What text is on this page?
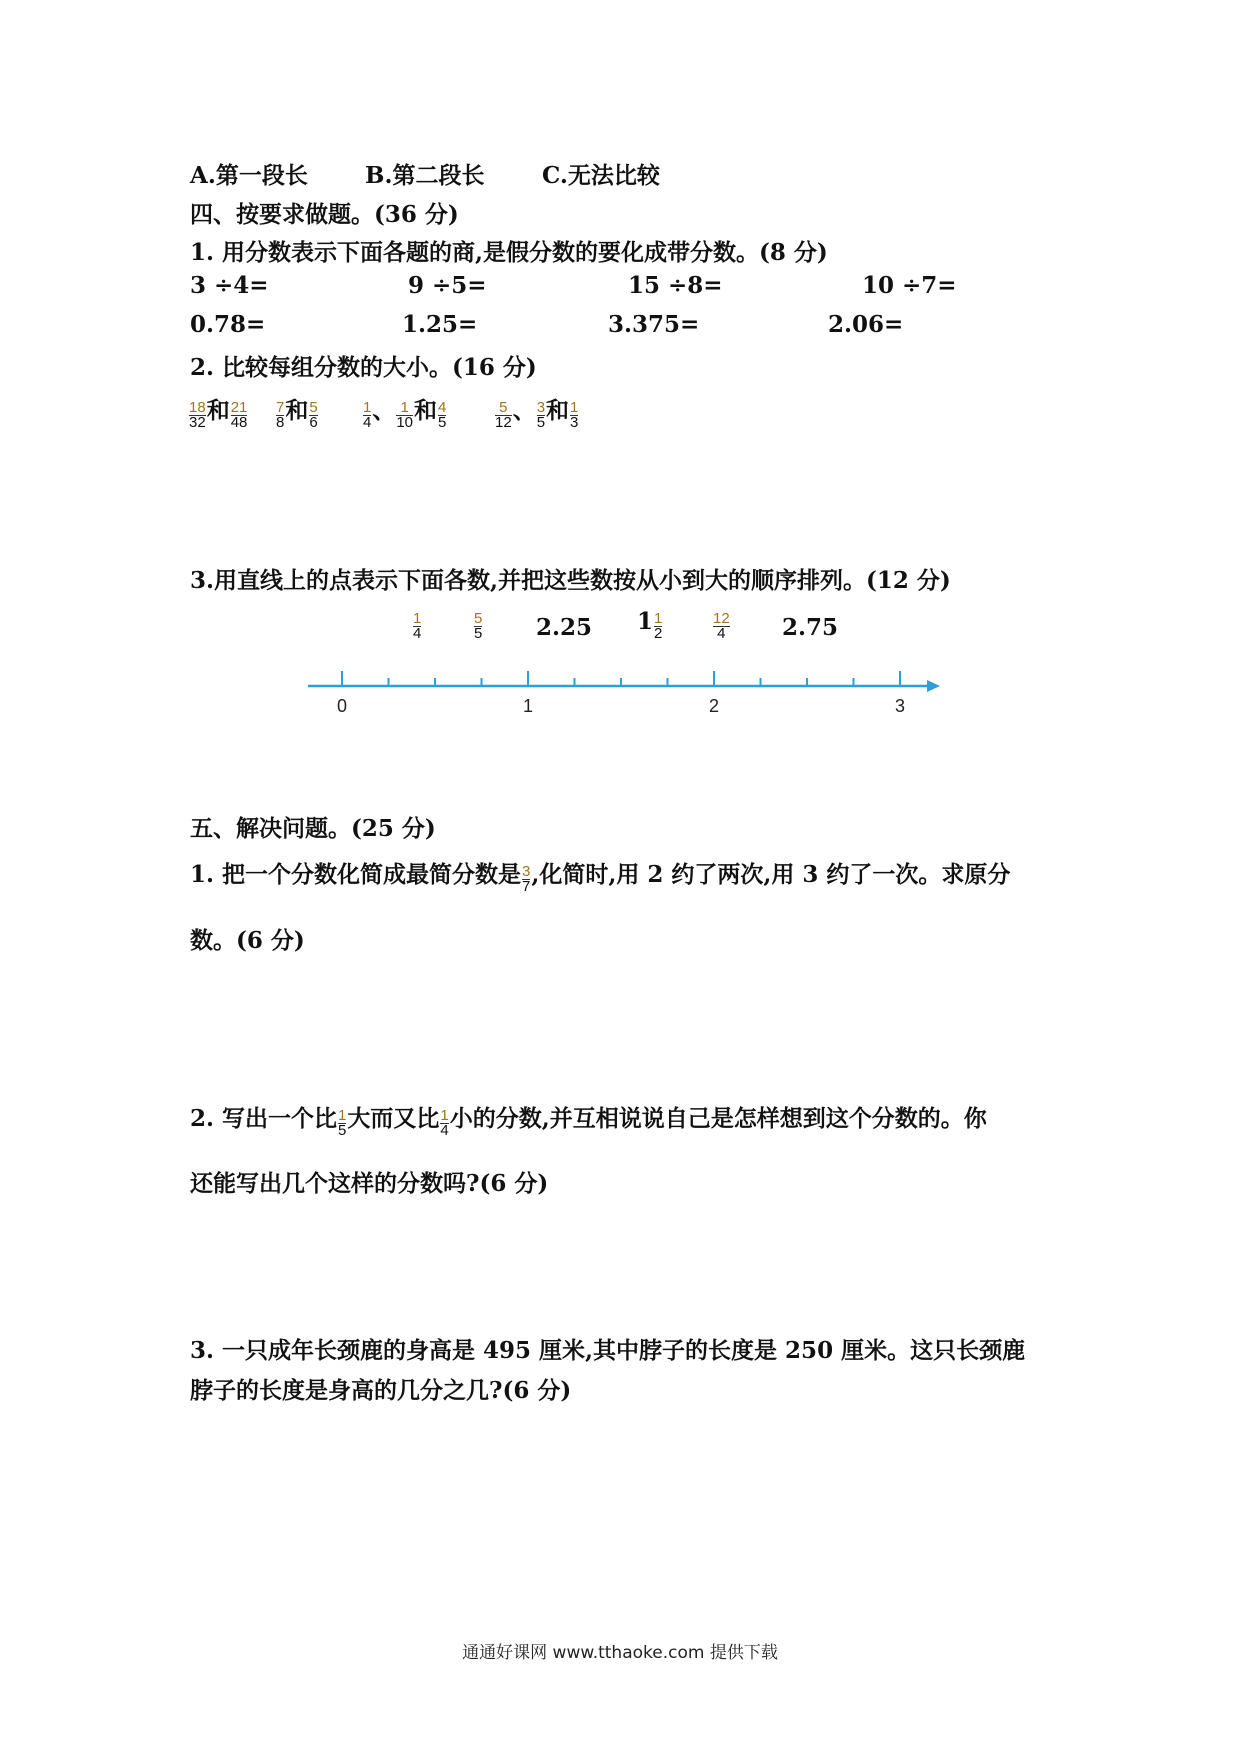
A.第一段长 B.第二段长	C.无法比较
四、按要求做题。(36 分)
1. 用分数表示下面各题的商,是假分数的要化成带分数。(8 分)
3 ÷4=	9 ÷5=	15 ÷8=	10 ÷7=
0.78=	1.25=	3.375=	2.06=
2. 比较每组分数的大小。(16 分)
$\frac{18}{32}$ 和 $\frac{21}{48} \frac{7}{8}$ 和 $\frac{5}{6}$	$\frac{1}{4}$ 、 $\frac{1}{10}$ 和 $\frac{4}{5}$	$\frac{5}{12}$ 、 $\frac{3}{5}$ 和 $\frac{1}{3}$
3.用直线上的点表示下面各数,并把这些数按从小到大的顺序排列。(12 分)
$\frac{1}{4}$	$\frac{5}{5} 2.25$ $1 \frac{1}{2}$	$\frac{12}{4} 2.75$
0	1	2	3
五、解决问题。(25 分)
1. 把一个分数化简成最简分数是 $\frac{3}{7}$ ,化简时,用 2 约了两次,用 3 约了一次。求原分
数。(6 分)
2. 写出一个比 $\frac{1}{5}$ 大而又比 $\frac{1}{4}$ 小的分数,并互相说说自己是怎样想到这个分数的。你
还能写出几个这样的分数吗?(6 分)
3. 一只成年长颈鹿的身高是 495 厘米,其中脖子的长度是 250 厘米。这只长颈鹿
脖子的长度是身高的几分之几?(6 分)
通通好课网 www.tthaoke.com 提供下载
